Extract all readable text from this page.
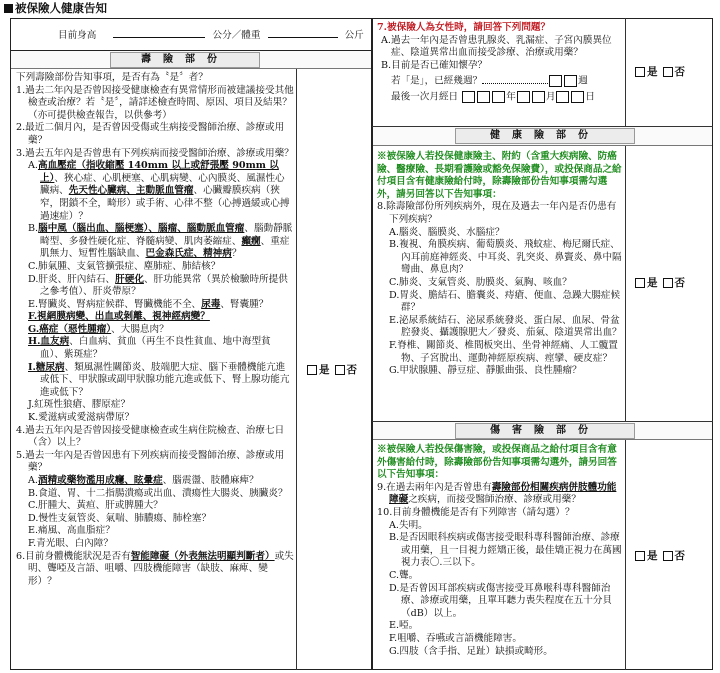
被保險人健康告知
目前身高	公分／體重	公斤
壽險部份
下列壽險部份告知事項，是否有為〝是〞者？
1.過去二年內是否曾因接受健康檢查有異常情形而被建議接受其他檢查或治療？若〝是〞，請詳述檢查時間、原因、項目及結果？（亦可提供檢查報告，以供參考）
2.最近二個月內，是否曾因受傷或生病接受醫師治療、診療或用藥？
3.過去五年內是否曾患有下列疾病而接受醫師治療、診療或用藥？
A.高血壓症（指收縮壓 140mm 以上或舒張壓 90mm 以上）、狹心症、心肌梗塞、心肌病變、心內膜炎、風濕性心臟病、先天性心臟病、主動脈血管瘤、心臟瓣膜疾病（狹窄，閉鎖不全，畸形）或手術、心律不整（心搏過緩或心搏過速症）？
B.腦中風（腦出血、腦梗塞）、腦瘤、腦動脈血管瘤、腦動靜脈畸型、多發性硬化症、脊髓病變、肌肉萎縮症、癲癇、重症肌無力、短暫性腦缺血、巴金森氏症、精神病？
C.肺氣腫、支氣管擴張症、塵肺症、肺結核？
D.肝炎、肝內結石、肝硬化、肝功能異常（異於檢驗時所提供之參考值）、肝炎帶原？
E.腎臟炎、腎病症候群、腎臟機能不全、尿毒、腎囊腫？
F.視網膜病變、出血或剝離、視神經病變？
G.癌症（惡性腫瘤）、大腸息肉？
H.血友病、白血病、貧血（再生不良性貧血、地中海型貧血）、紫斑症？
I.糖尿病、類風濕性關節炎、肢端肥大症、腦下垂體機能亢進或低下、甲狀腺或副甲狀腺功能亢進或低下、腎上腺功能亢進或低下？
J.紅斑性狼瘡、膠原症？
K.愛滋病或愛滋病帶原？
4.過去五年內是否曾因接受健康檢查或生病住院檢查、治療七日（含）以上？
5.過去一年內是否曾因患有下列疾病而接受醫師治療、診療或用藥？
A.酒精或藥物濫用成癮、眩暈症、腦震盪、肢體麻痺？
B.食道、胃、十二指腸潰瘍或出血、潰瘍性大腸炎、胰臟炎？
C.肝腫大、黃疸、肝或脾腫大？
D.慢性支氣管炎、氣喘、肺膿瘍、肺栓塞？
E.痛風、高血脂症？
F.青光眼、白內障？
6.目前身體機能狀況是否有智能障礙（外表無法明顯判斷者）或失明、聾啞及言語、咀嚼、四肢機能障害（缺肢、麻痺、變形）？
是 否
7.被保險人為女性時，請回答下列問題？
A.過去一年內是否曾患乳腺炎、乳漏症、子宮內膜異位症、陰道異常出血而接受診療、治療或用藥？
B.目前是否已確知懷孕？
若「是」，已經幾週？	週
最後一次月經日	年	月	日
是 否
健康險部份
※被保險人若投保健康險主、附約（含重大疾病險、防癌險、醫療險、長期看護險或豁免保險費），或投保商品之給付項目含有健康險給付時，除壽險部份告知事項需勾選外，請另回答以下告知事項：
8.除壽險部份所列疾病外，現在及過去一年內是否仍患有下列疾病？
A.腦炎、腦膜炎、水腦症？
B.複視、角膜疾病、葡萄膜炎、飛蚊症、梅尼爾氏症、內耳前庭神經炎、中耳炎、乳突炎、鼻竇炎、鼻中隔彎曲、鼻息肉？
C.肺炎、支氣管炎、肋膜炎、氣胸、咳血？
D.胃炎、膽結石、膽囊炎、痔瘡、便血、急躁大腸症候群？
E.泌尿系統結石、泌尿系統發炎、蛋白尿、血尿、骨盆腔發炎、攝護腺肥大／發炎、茄氣、陰道異常出血？
F.脊椎、關節炎、椎間板突出、坐骨神經痛、人工髖置物、子宮脫出、運動神經原疾病、痙攣、硬皮症？
G.甲狀腺腫、靜豆症、靜脈曲張、良性腫瘤？
是 否
傷害險部份
※被保險人若投保傷害險，或投保商品之給付項目含有意外傷害給付時，除壽險部份告知事項需勾選外，請另回答以下告知事項：
9.在過去兩年內是否曾患有壽險部份相關疾病併肢體功能障礙之疾病，而接受醫師治療、診療或用藥？
10.目前身體機能是否有下列障害（請勾選）？
A.失明。
B.是否因眼科疾病或傷害接受眼科專科醫師治療、診療或用藥，且一目視力經矯正後，最佳矯正視力在萬國視力表〇.三以下。
C.聾。
D.是否曾因耳部疾病或傷害接受耳鼻喉科專科醫師治療、診療或用藥，且單耳聽力喪失程度在五十分貝（dB）以上。
E.啞。
F.咀嚼、吞嚥或言語機能障害。
G.四肢（含手指、足趾）缺損或畸形。
是 否
